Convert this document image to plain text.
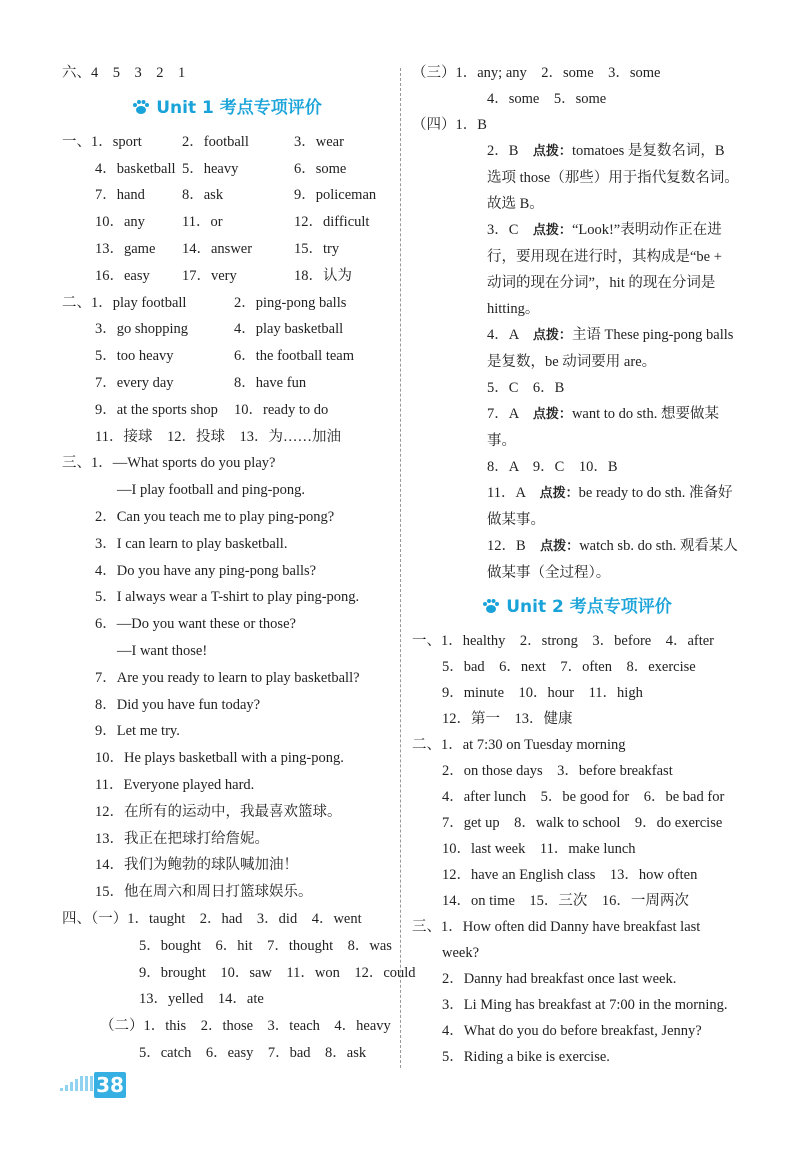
六、4　5　3　2　1
Unit 1 考点专项评价
一、1．sport	2．football	3．wear
4．basketball 5．heavy	6．some
7．hand	8．ask	9．policeman
10．any	11．or	12．difficult
13．game 14．answer	15．try
16．easy 17．very	18．认为
二、1．play football	2．ping-pong balls
3．go shopping	4．play basketball
5．too heavy	6．the football team
7．every day	8．have fun
9．at the sports shop 10．ready to do
11．接球　12．投球　13．为……加油
三、1．—What sports do you play?
—I play football and ping-pong.
2．Can you teach me to play ping-pong?
3．I can learn to play basketball.
4．Do you have any ping-pong balls?
5．I always wear a T-shirt to play ping-pong.
6．—Do you want these or those?
—I want those!
7．Are you ready to learn to play basketball?
8．Did you have fun today?
9．Let me try.
10．He plays basketball with a ping-pong.
11．Everyone played hard.
12．在所有的运动中，我最喜欢篮球。
13．我正在把球打给詹妮。
14．我们为鲍勃的球队喊加油！
15．他在周六和周日打篮球娱乐。
四、（一）1．taught　2．had　3．did　4．went
5．bought　6．hit　7．thought　8．was
9．brought　10．saw　11．won　12．could
13．yelled　14．ate
（二）1．this　2．those　3．teach　4．heavy
5．catch　6．easy　7．bad　8．ask
（三）1．any; any　2．some　3．some
4．some　5．some
（四）1．B
2．B　 点拨：tomatoes 是复数名词，B 选项 those（那些）用于指代复数名词。故选 B。
3．C　 点拨：“Look!”表明动作正在进行，要用现在进行时，其构成是“be + 动词的现在分词”，hit 的现在分词是 hitting。
4．A　 点拨：主语 These ping-pong balls 是复数，be 动词要用 are。
5．C　6．B
7．A　 点拨：want to do sth. 想要做某事。
8．A　9．C　10．B
11．A　 点拨：be ready to do sth. 准备好做某事。
12．B　 点拨：watch sb. do sth. 观看某人做某事（全过程）。
Unit 2 考点专项评价
一、1．healthy　2．strong　3．before　4．after
5．bad　6．next　7．often　8．exercise
9．minute　10．hour　11．high
12．第一　13．健康
二、1．at 7:30 on Tuesday morning
2．on those days　3．before breakfast
4．after lunch　5．be good for　6．be bad for
7．get up　8．walk to school　9．do exercise
10．last week　11．make lunch
12．have an English class　13．how often
14．on time　15．三次　16．一周两次
三、1．How often did Danny have breakfast last
week?
2．Danny had breakfast once last week.
3．Li Ming has breakfast at 7:00 in the morning.
4．What do you do before breakfast, Jenny?
5．Riding a bike is exercise.
38
